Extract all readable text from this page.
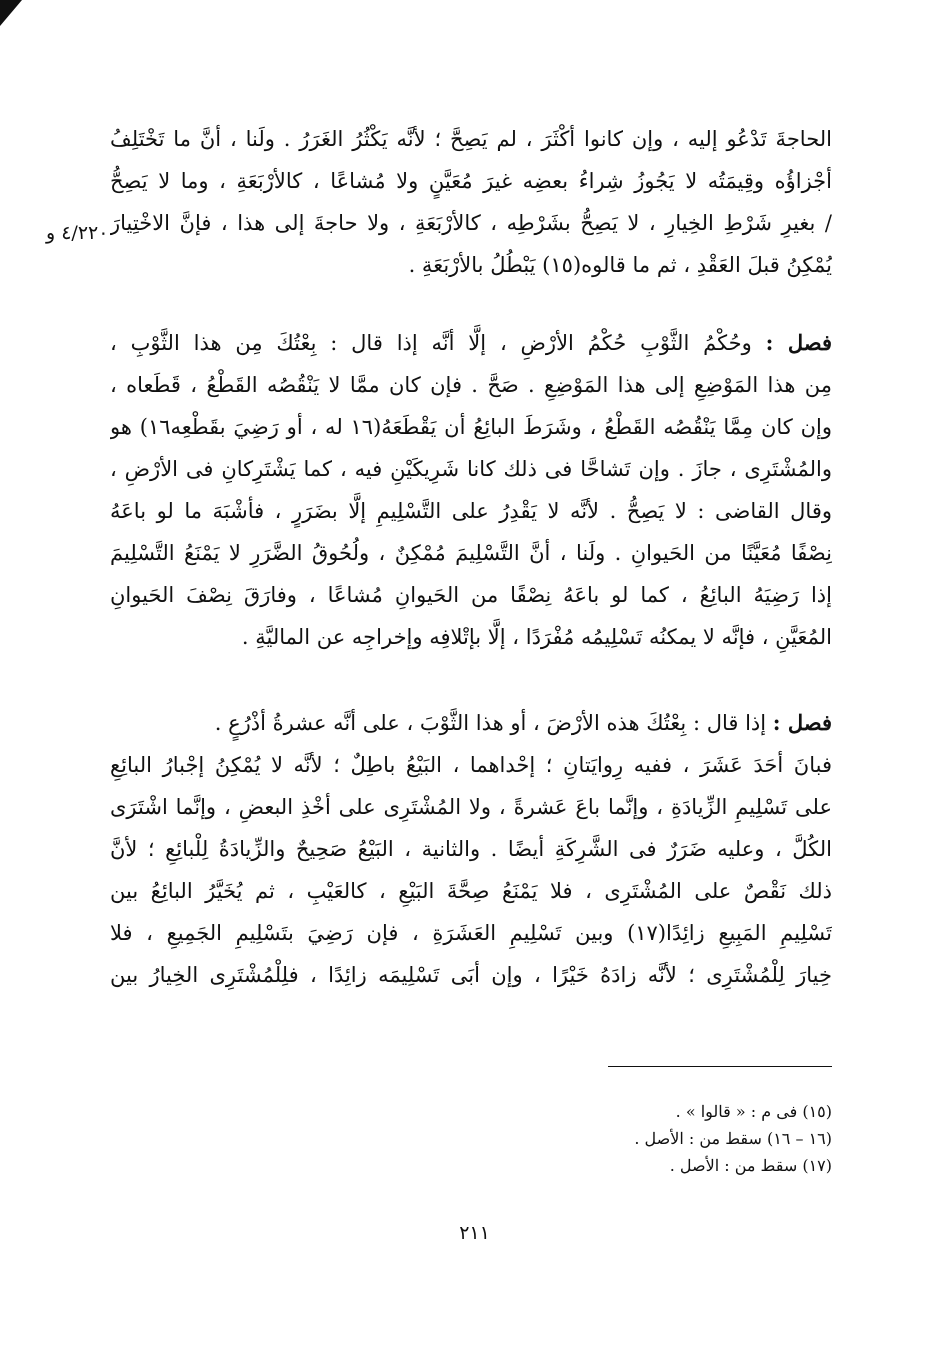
الحاجةَ تَدْعُو إليه ، وإن كانوا أكْثَرَ ، لم يَصِحَّ ؛ لأنَّه يَكْثُرُ الغَرَرُ . ولَنا ، أنَّ ما تَخْتَلِفُ
أجْزاؤُه وقِيمَتُه لا يَجُوزُ شِراءُ بعضِه غيرَ مُعَيَّنٍ ولا مُشاعًا ، كالأرْبَعَةِ ، وما لا يَصِحُّ
/ بغيرِ شَرْطِ الخِيارِ ، لا يَصِحُّ بشَرْطِه ، كالأرْبَعَةِ ، ولا حاجةَ إلى هذا ، فإنَّ الاخْتِيارَ
يُمْكِنُ قبلَ العَقْدِ ، ثم ما قالوه(١٥) يَبْطُلُ بالأرْبَعَةِ .
٤/٢٢٠ و
فصل : وحُكْمُ الثَّوْبِ حُكْمُ الأرْضِ ، إلَّا أنَّه إذا قال : بِعْتُكَ مِن هذا الثَّوْبِ ،
مِن هذا المَوْضِعِ إلى هذا المَوْضِعِ . صَحَّ . فإن كان ممَّا لا يَنْقُصُه القَطْعُ ، قَطَعاه ،
وإن كان مِمَّا يَنْقُصُه القَطْعُ ، وشَرَطَ البائِعُ أن يَقْطَعَهُ(١٦ له ، أو رَضِيَ بقَطْعِه١٦) هو
والمُشْتَرِى ، جازَ . وإن تَشاحَّا فى ذلك كانا شَرِيكَيْنِ فيه ، كما يَشْتَرِكانِ فى الأرْضِ ،
وقال القاضى : لا يَصِحُّ . لأنَّه لا يَقْدِرُ على التَّسْلِيمِ إلَّا بضَرَرٍ ، فأشْبَهَ ما لو باعَهُ
نِصْفًا مُعَيَّنًا من الحَيوانِ . ولَنا ، أنَّ التَّسْلِيمَ مُمْكِنٌ ، ولُحُوقُ الضَّرَرِ لا يَمْنَعُ التَّسْلِيمَ
إذا رَضِيَهُ البائِعُ ، كما لو باعَهُ نِصْفًا من الحَيوانِ مُشاعًا ، وفارَقَ نِصْفَ الحَيوانِ
المُعَيَّنِ ، فإنَّه لا يمكنُه تَسْلِيمُه مُفْرَدًا ، إلَّا بإتْلافِه وإخراجِه عن الماليَّةِ .
فصل : إذا قال : بِعْتُكَ هذه الأرْضَ ، أو هذا الثَّوْبَ ، على أنَّه عشرةُ أذْرُعٍ .
فبانَ أحَدَ عَشَرَ ، ففيه رِوايَتانِ ؛ إحْداهما ، البَيْعُ باطِلٌ ؛ لأنَّه لا يُمْكِنُ إجْبارُ البائِعِ
على تَسْلِيمِ الزِّيادَةِ ، وإنَّما باعَ عَشرةً ، ولا المُشْتَرِى على أخْذِ البعضِ ، وإنَّما اشْتَرَى
الكُلَّ ، وعليه ضَرَرٌ فى الشَّرِكَةِ أيضًا . والثانية ، البَيْعُ صَحِيحٌ والزِّيادَةُ لِلْبائِعِ ؛ لأنَّ
ذلك نَقْصٌ على المُشْتَرِى ، فلا يَمْنَعُ صِحَّةَ البَيْعِ ، كالعَيْبِ ، ثم يُخَيَّرُ البائِعُ بين
تَسْلِيمِ المَبِيعِ زائِدًا(١٧) وبين تَسْلِيمِ العَشَرَةِ ، فإن رَضِيَ بتَسْلِيمِ الجَمِيعِ ، فلا
خِيارَ لِلْمُشْتَرِى ؛ لأنَّه زادَهُ خَيْرًا ، وإن أبَى تَسْلِيمَه زائِدًا ، فلِلْمُشْتَرِى الخِيارُ بين
(١٥) فى م : « قالوا » .
(١٦ – ١٦) سقط من : الأصل .
(١٧) سقط من : الأصل .
٢١١
